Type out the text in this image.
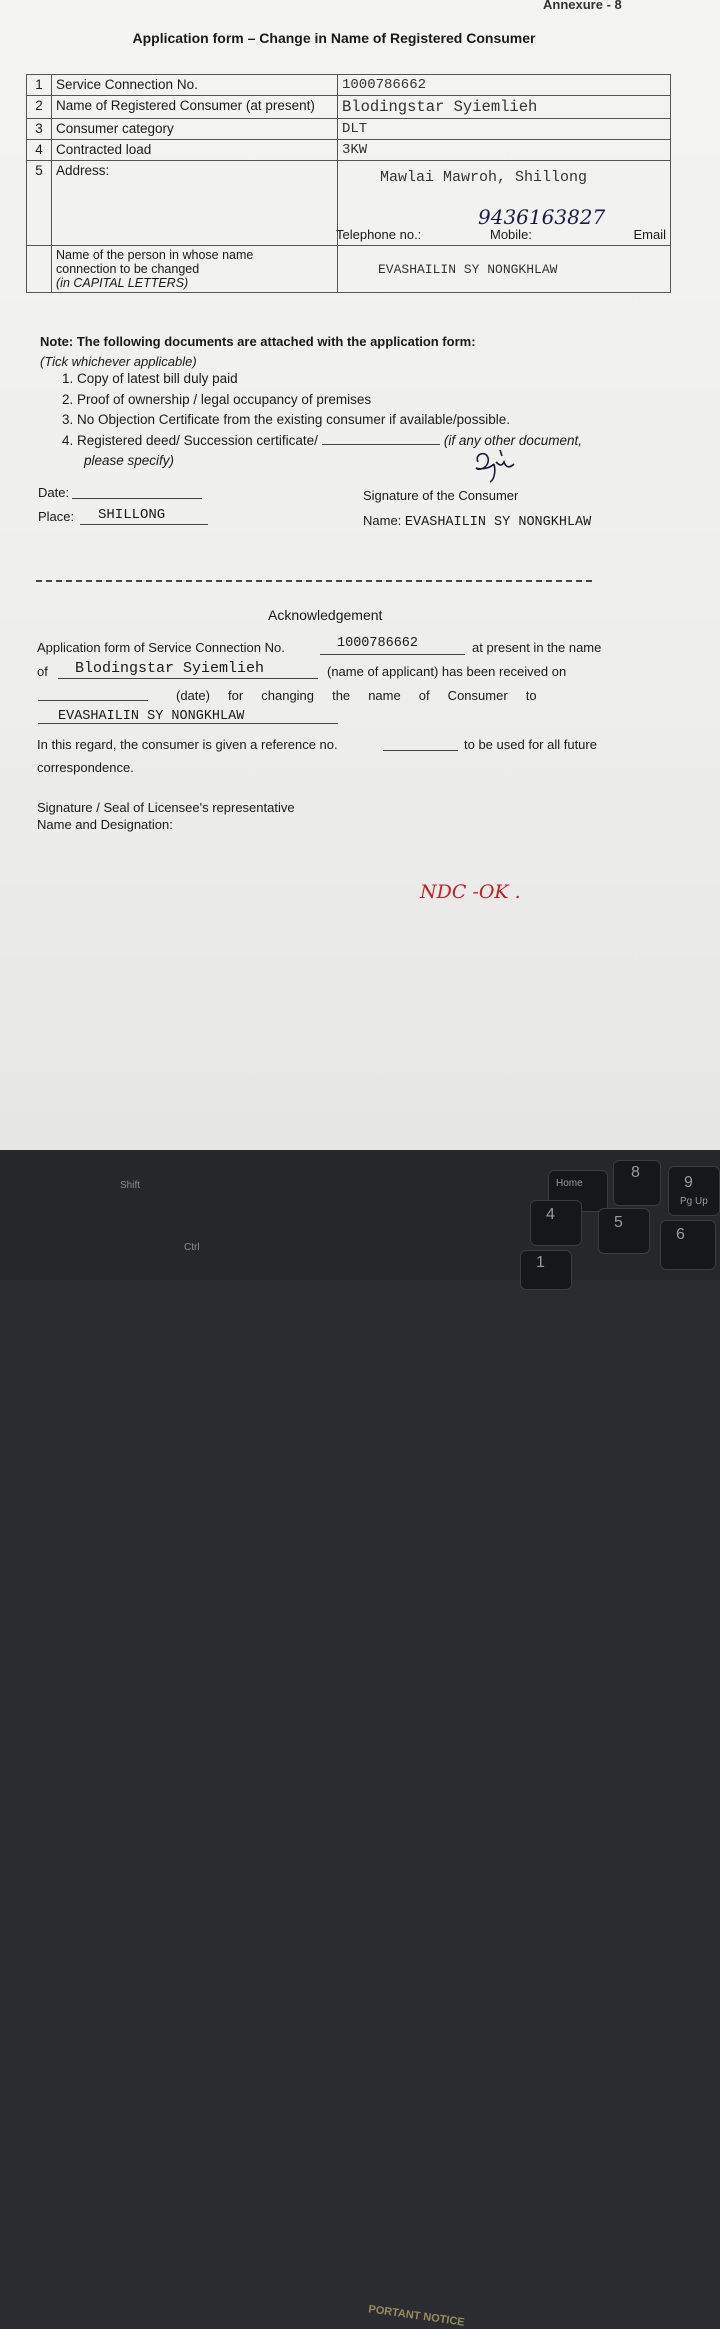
Annexure - 8
Application form – Change in Name of Registered Consumer
1	Service Connection No.	1000786662
2	Name of Registered Consumer (at present)	Blodingstar Syiemlieh
3	Consumer category	DLT
4	Contracted load	3KW
5	Address:	Mawlai Mawroh, Shillong
9436163827
Telephone no.: Mobile: Email

	Name of the person in whose name
connection to be changed
(in CAPITAL LETTERS)	EVASHAILIN SY NONGKHLAW
Note: The following documents are attached with the application form:
(Tick whichever applicable)
1. Copy of latest bill duly paid
2. Proof of ownership / legal occupancy of premises
3. No Objection Certificate from the existing consumer if available/possible.
4. Registered deed/ Succession certificate/	(if any other document,
please specify)
Date:
Place: SHILLONG
Signature of the Consumer
Name: EVASHAILIN SY NONGKHLAW
Acknowledgement
Application form of Service Connection No.	1000786662	at present in the name
of Blodingstar Syiemlieh	(name of applicant) has been received on
(date)     for     changing     the     name     of     Consumer     to
EVASHAILIN SY NONGKHLAW
In this regard, the consumer is given a reference no.	to be used for all future
correspondence.
Signature / Seal of Licensee's representative
Name and Designation:
NDC -OK .
PORTANT NOTICE
Shift
Ctrl
Home
8
9
Pg Up
4	5
6
1
